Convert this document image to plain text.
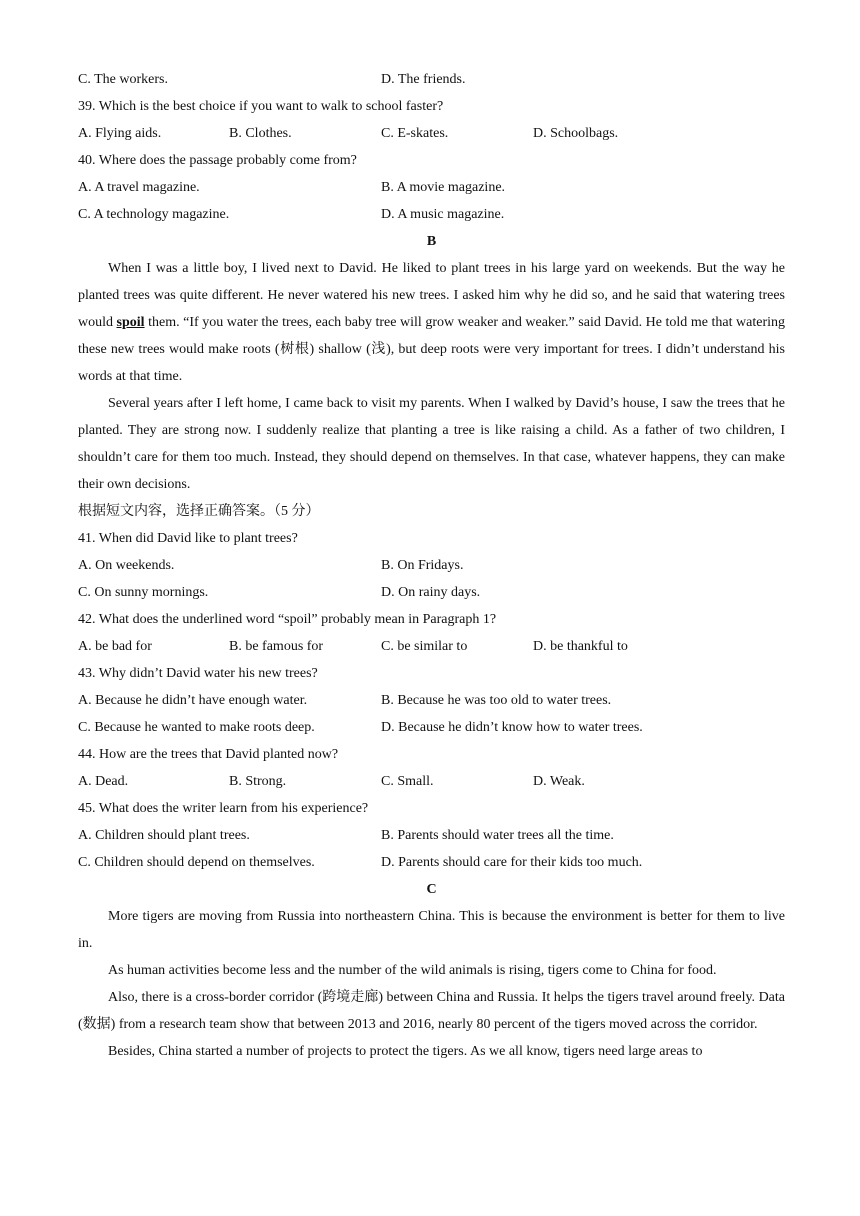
C. The workers.	D. The friends.
39. Which is the best choice if you want to walk to school faster?
A. Flying aids.	B. Clothes.	C. E-skates.	D. Schoolbags.
40. Where does the passage probably come from?
A. A travel magazine.	B. A movie magazine.
C. A technology magazine.	D. A music magazine.
B

When I was a little boy, I lived next to David. He liked to plant trees in his large yard on weekends. But the way he planted trees was quite different. He never watered his new trees. I asked him why he did so, and he said that watering trees would spoil them. “If you water the trees, each baby tree will grow weaker and weaker.” said David. He told me that watering these new trees would make roots (树根) shallow (浅), but deep roots were very important for trees. I didn’t understand his words at that time.

Several years after I left home, I came back to visit my parents. When I walked by David’s house, I saw the trees that he planted. They are strong now. I suddenly realize that planting a tree is like raising a child. As a father of two children, I shouldn’t care for them too much. Instead, they should depend on themselves. In that case, whatever happens, they can make their own decisions.

根据短文内容，选择正确答案。（5 分）
41. When did David like to plant trees?
A. On weekends.	B. On Fridays.
C. On sunny mornings.	D. On rainy days.
42. What does the underlined word “spoil” probably mean in Paragraph 1?
A. be bad for	B. be famous for	C. be similar to	D. be thankful to
43. Why didn’t David water his new trees?
A. Because he didn’t have enough water.	B. Because he was too old to water trees.
C. Because he wanted to make roots deep.	D. Because he didn’t know how to water trees.
44. How are the trees that David planted now?
A. Dead.	B. Strong.	C. Small.	D. Weak.
45. What does the writer learn from his experience?
A. Children should plant trees.	B. Parents should water trees all the time.
C. Children should depend on themselves.	D. Parents should care for their kids too much.
C

More tigers are moving from Russia into northeastern China. This is because the environment is better for them to live in.

As human activities become less and the number of the wild animals is rising, tigers come to China for food.

Also, there is a cross-border corridor (跨境走廊) between China and Russia. It helps the tigers travel around freely. Data (数据) from a research team show that between 2013 and 2016, nearly 80 percent of the tigers moved across the corridor.

Besides, China started a number of projects to protect the tigers. As we all know, tigers need large areas to
